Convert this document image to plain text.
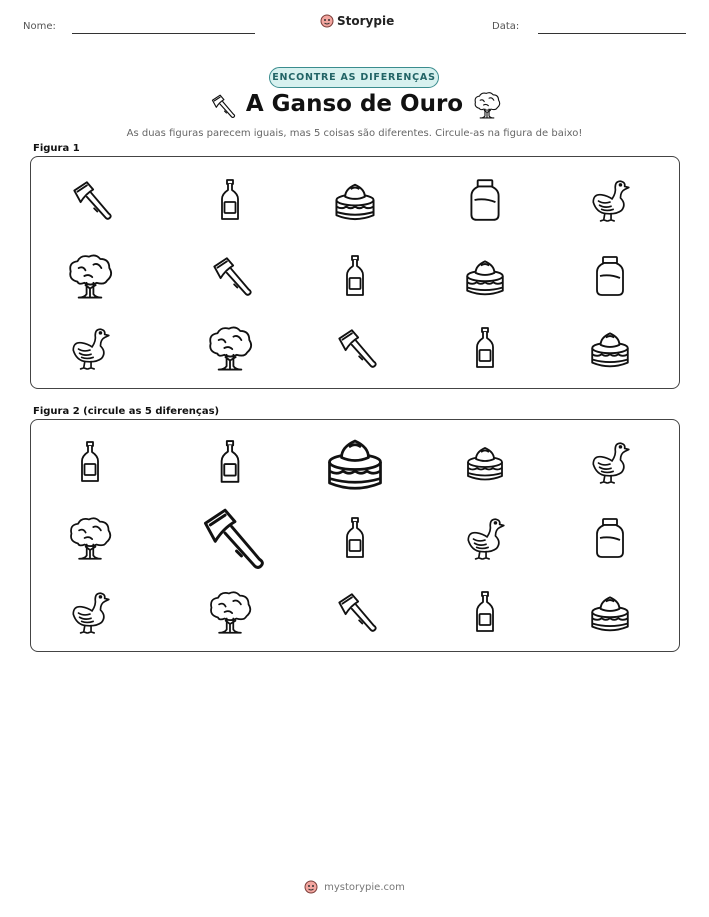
Nome:	Storypie	Data:
ENCONTRE AS DIFERENÇAS
A Ganso de Ouro
As duas figuras parecem iguais, mas 5 coisas são diferentes. Circule-as na figura de baixo!
Figura 1
Figura 2 (circule as 5 diferenças)
mystorypie.com
